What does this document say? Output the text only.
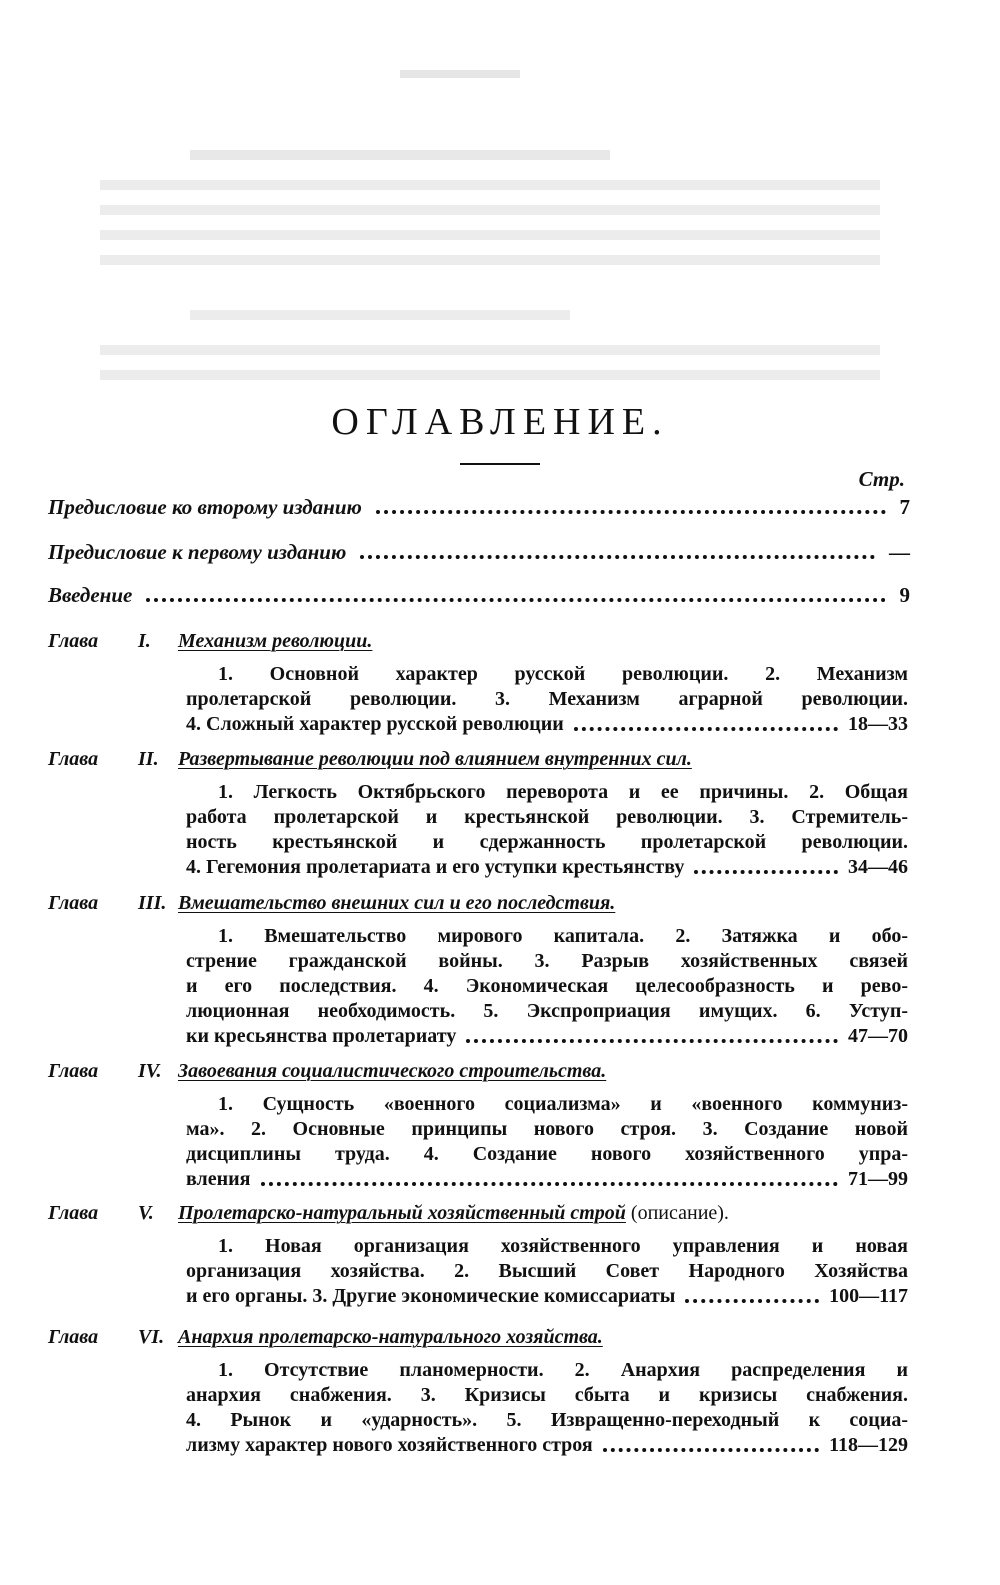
ОГЛАВЛЕНИЕ.
Стр.
Предисловие ко второму изданию	7
Предисловие к первому изданию	—
Введение	9
Глава I. Механизм революции.
1. Основной характер русской революции. 2. Механизм
пролетарской революции. 3. Механизм аграрной революции.
4. Сложный характер русской революции	18—33
Глава II. Развертывание революции под влиянием внутренних сил.
1. Легкость Октябрьского переворота и ее причины. 2. Общая
работа пролетарской и крестьянской революции. 3. Стремитель-
ность крестьянской и сдержанность пролетарской революции.
4. Гегемония пролетариата и его уступки крестьянству	34—46
Глава III. Вмешательство внешних сил и его последствия.
1. Вмешательство мирового капитала. 2. Затяжка и обо-
стрение гражданской войны. 3. Разрыв хозяйственных связей
и его последствия. 4. Экономическая целесообразность и рево-
люционная необходимость. 5. Экспроприация имущих. 6. Уступ-
ки кресьянства пролетариату	47—70
Глава IV. Завоевания социалистического строительства.
1. Сущность «военного социализма» и «военного коммуниз-
ма». 2. Основные принципы нового строя. 3. Создание новой
дисциплины труда. 4. Создание нового хозяйственного упра-
вления	71—99
Глава V. Пролетарско-натуральный хозяйственный строй (описание).
1. Новая организация хозяйственного управления и новая
организация хозяйства. 2. Высший Совет Народного Хозяйства
и его органы. 3. Другие экономические комиссариаты	100—117
Глава VI. Анархия пролетарско-натурального хозяйства.
1. Отсутствие планомерности. 2. Анархия распределения и
анархия снабжения. 3. Кризисы сбыта и кризисы снабжения.
4. Рынок и «ударность». 5. Извращенно-переходный к социа-
лизму характер нового хозяйственного строя	118—129
